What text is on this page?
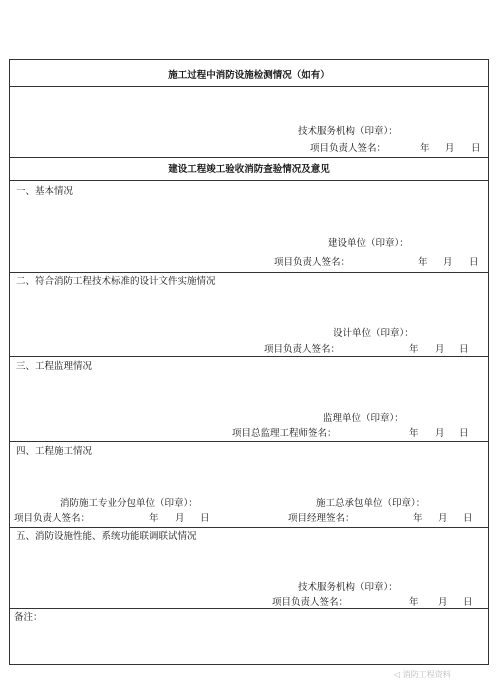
施工过程中消防设施检测情况（如有）
技术服务机构（印章）：
项目负责人签名：	年 月 日
建设工程竣工验收消防查验情况及意见
一、基本情况
建设单位（印章）：
项目负责人签名：	年 月 日
二、符合消防工程技术标准的设计文件实施情况
设计单位（印章）：
项目负责人签名：	年 月 日
三、工程监理情况
监理单位（印章）：
项目总监理工程师签名：	年 月 日
四、工程施工情况
消防施工专业分包单位（印章）：	施工总承包单位（印章）：
项目负责人签名：	年 月 日	项目经理签名：	年 月 日
五、消防设施性能、系统功能联调联试情况
技术服务机构（印章）：
项目负责人签名：	年 月 日
备注：
◁ 消防工程资料
